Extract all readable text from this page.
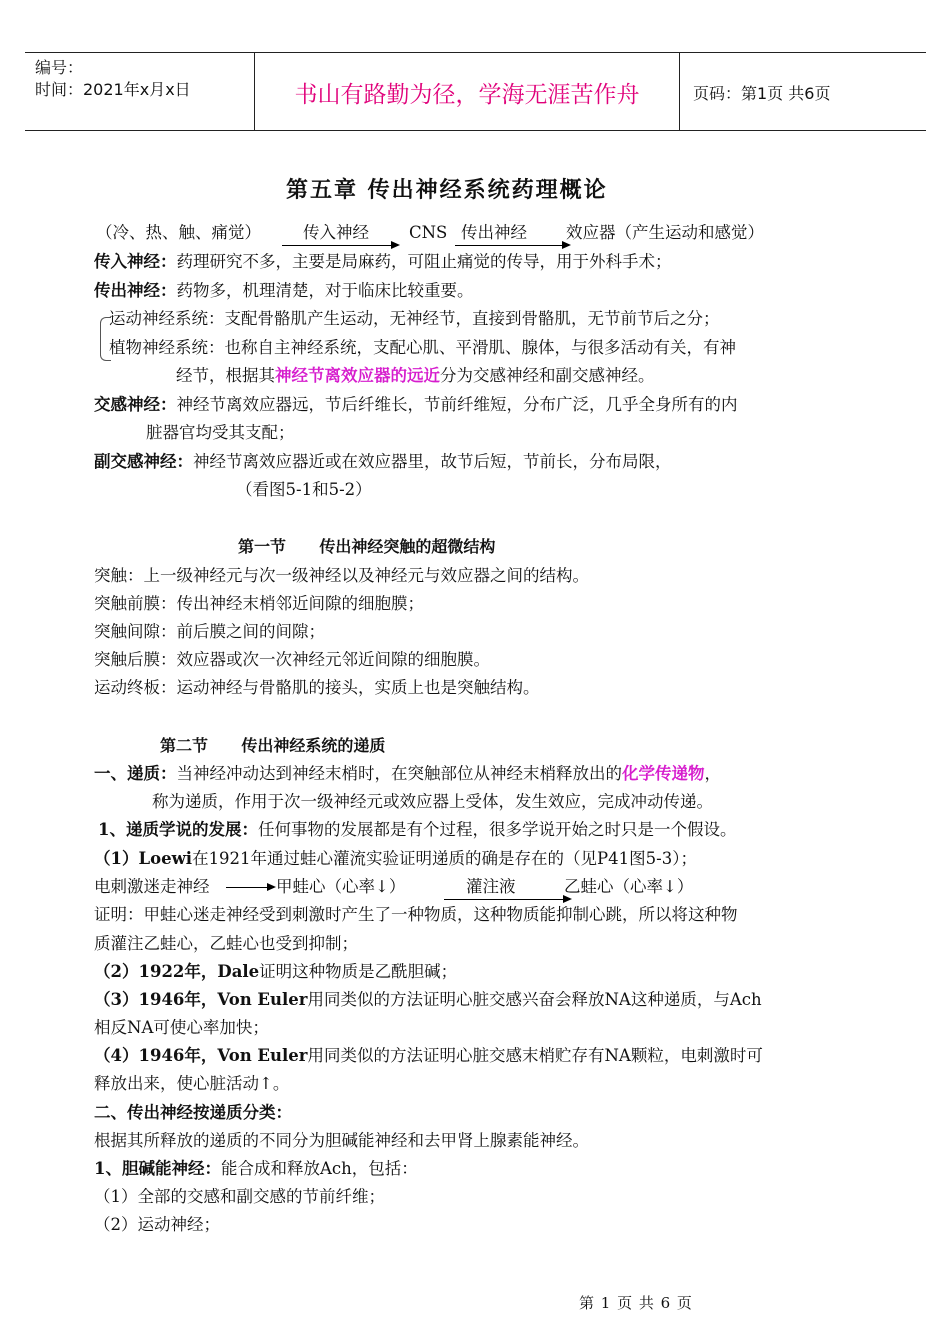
编号：
时间：2021年x月x日	书山有路勤为径，学海无涯苦作舟	页码：第1页 共6页
第五章 传出神经系统药理概论
（冷、热、触、痛觉）	传入神经 CNS 传出神经 效应器（产生运动和感觉）
传入神经：药理研究不多，主要是局麻药，可阻止痛觉的传导，用于外科手术；
传出神经：药物多，机理清楚，对于临床比较重要。
运动神经系统：支配骨骼肌产生运动，无神经节，直接到骨骼肌，无节前节后之分；
植物神经系统：也称自主神经系统，支配心肌、平滑肌、腺体，与很多活动有关，有神
经节，根据其神经节离效应器的远近分为交感神经和副交感神经。
交感神经：神经节离效应器远，节后纤维长，节前纤维短，分布广泛，几乎全身所有的内
脏器官均受其支配；
副交感神经：神经节离效应器近或在效应器里，故节后短，节前长，分布局限，
（看图5-1和5-2）
第一节      传出神经突触的超微结构
突触：上一级神经元与次一级神经以及神经元与效应器之间的结构。
突触前膜：传出神经末梢邻近间隙的细胞膜；
突触间隙：前后膜之间的间隙；
突触后膜：效应器或次一次神经元邻近间隙的细胞膜。
运动终板：运动神经与骨骼肌的接头，实质上也是突触结构。
第二节      传出神经系统的递质
一、递质：当神经冲动达到神经末梢时，在突触部位从神经末梢释放出的化学传递物，
称为递质，作用于次一级神经元或效应器上受体，发生效应，完成冲动传递。
1、递质学说的发展：任何事物的发展都是有个过程，很多学说开始之时只是一个假设。
（1）Loewi在1921年通过蛙心灌流实验证明递质的确是存在的（见P41图5-3）；
电刺激迷走神经	甲蛙心（心率↓）	灌注液	乙蛙心（心率↓）
证明：甲蛙心迷走神经受到刺激时产生了一种物质，这种物质能抑制心跳，所以将这种物
质灌注乙蛙心，乙蛙心也受到抑制；
（2）1922年，Dale证明这种物质是乙酰胆碱；
（3）1946年，Von Euler用同类似的方法证明心脏交感兴奋会释放NA这种递质，与Ach
相反NA可使心率加快；
（4）1946年，Von Euler用同类似的方法证明心脏交感末梢贮存有NA颗粒，电刺激时可
释放出来，使心脏活动↑。
二、传出神经按递质分类：
根据其所释放的递质的不同分为胆碱能神经和去甲肾上腺素能神经。
1、胆碱能神经：能合成和释放Ach，包括：
（1）全部的交感和副交感的节前纤维；
（2）运动神经；
第 1 页 共 6 页
